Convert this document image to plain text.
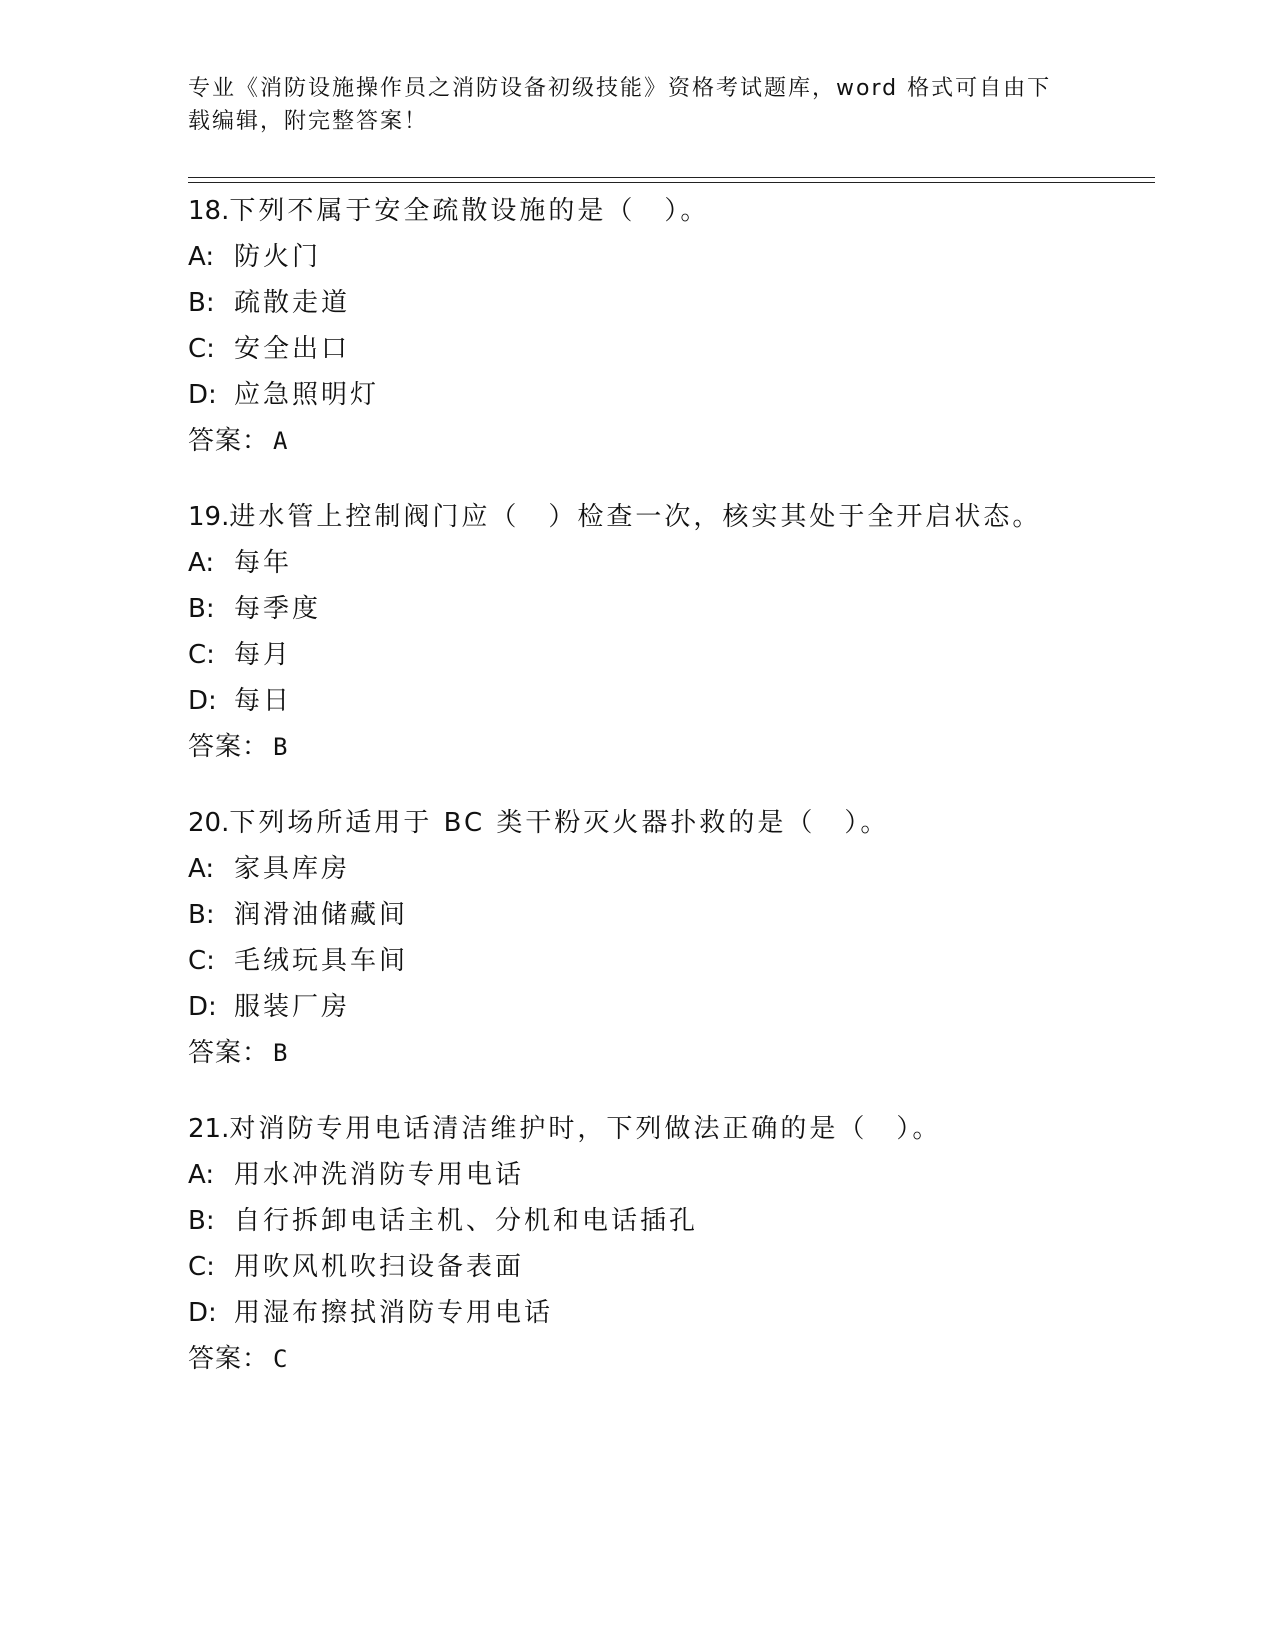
专业《消防设施操作员之消防设备初级技能》资格考试题库，word 格式可自由下
载编辑，附完整答案！
18.下列不属于安全疏散设施的是（　）。
A: 防火门
B: 疏散走道
C: 安全出口
D: 应急照明灯
答案： A
19.进水管上控制阀门应（　）检查一次，核实其处于全开启状态。
A: 每年
B: 每季度
C: 每月
D: 每日
答案： B
20.下列场所适用于 BC 类干粉灭火器扑救的是（　）。
A: 家具库房
B: 润滑油储藏间
C: 毛绒玩具车间
D: 服装厂房
答案： B
21.对消防专用电话清洁维护时，下列做法正确的是（　）。
A: 用水冲洗消防专用电话
B: 自行拆卸电话主机、分机和电话插孔
C: 用吹风机吹扫设备表面
D: 用湿布擦拭消防专用电话
答案： C
